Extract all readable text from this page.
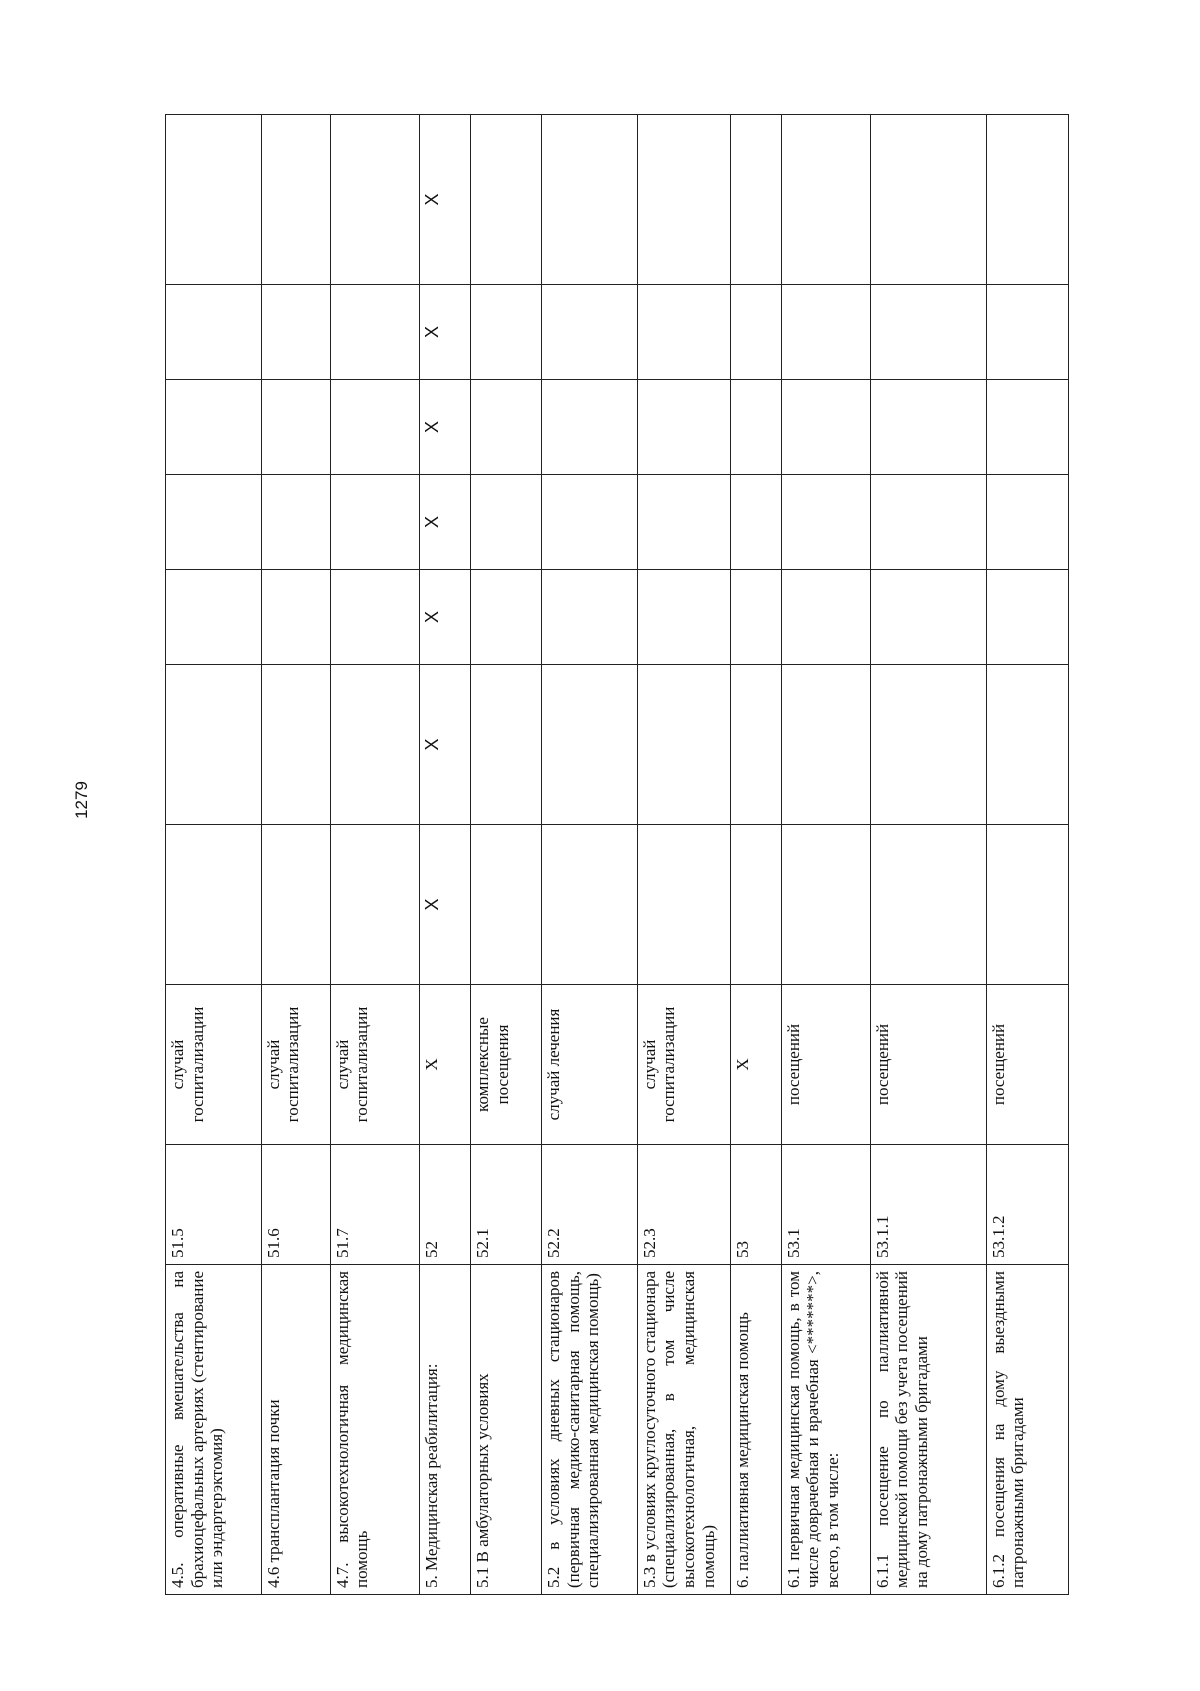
1279
4.5. оперативные вмешательства на брахиоцефальных артериях (стентирование или эндартерэктомия)	51.5	случай госпитализации							
4.6 трансплантация почки	51.6	случай госпитализации							
4.7. высокотехнологичная медицинская помощь	51.7	случай госпитализации							
5. Медицинская реабилитация:	52	X	X	X	X	X	X	X	X
5.1 В амбулаторных условиях	52.1	комплексные посещения							
5.2 в условиях дневных стационаров (первичная медико-санитарная помощь, специализированная медицинская помощь)	52.2	случай лечения							
5.3 в условиях круглосуточного стационара (специализированная, в том числе высокотехнологичная, медицинская помощь)	52.3	случай госпитализации							
6. паллиативная медицинская помощь	53	X							
6.1 первичная медицинская помощь, в том числе доврачебная и врачебная <*******>, всего, в том числе:	53.1	посещений							
6.1.1 посещение по паллиативной медицинской помощи без учета посещений на дому патронажными бригадами	53.1.1	посещений							
6.1.2 посещения на дому выездными патронажными бригадами	53.1.2	посещений							
